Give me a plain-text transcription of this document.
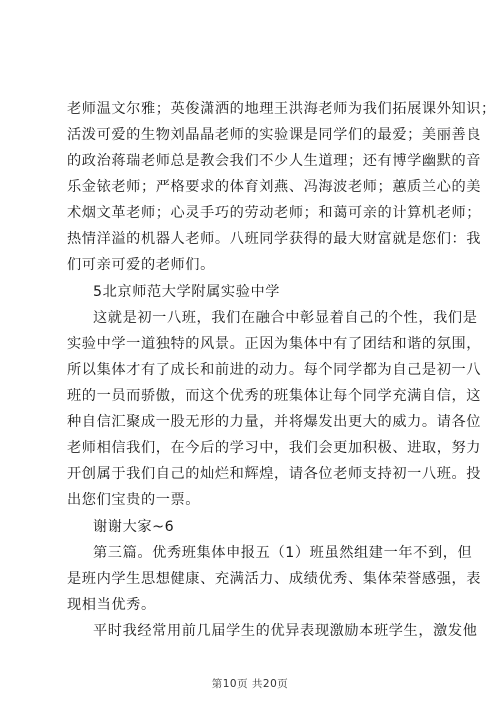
老师温文尔雅；英俊潇洒的地理王洪海老师为我们拓展课外知识；
活泼可爱的生物刘晶晶老师的实验课是同学们的最爱；美丽善良
的政治蒋瑞老师总是教会我们不少人生道理；还有博学幽默的音
乐金铱老师；严格要求的体育刘燕、冯海波老师；蕙质兰心的美
术烟文革老师；心灵手巧的劳动老师；和蔼可亲的计算机老师；
热情洋溢的机器人老师。八班同学获得的最大财富就是您们：我
们可亲可爱的老师们。
5北京师范大学附属实验中学
这就是初一八班，我们在融合中彰显着自己的个性，我们是
实验中学一道独特的风景。正因为集体中有了团结和谐的氛围，
所以集体才有了成长和前进的动力。每个同学都为自己是初一八
班的一员而骄傲，而这个优秀的班集体让每个同学充满自信，这
种自信汇聚成一股无形的力量，并将爆发出更大的威力。请各位
老师相信我们，在今后的学习中，我们会更加积极、进取，努力
开创属于我们自己的灿烂和辉煌，请各位老师支持初一八班。投
出您们宝贵的一票。
谢谢大家~6
第三篇。优秀班集体申报五（1）班虽然组建一年不到，但
是班内学生思想健康、充满活力、成绩优秀、集体荣誉感强，表
现相当优秀。
平时我经常用前几届学生的优异表现激励本班学生，激发他
第10页 共20页
